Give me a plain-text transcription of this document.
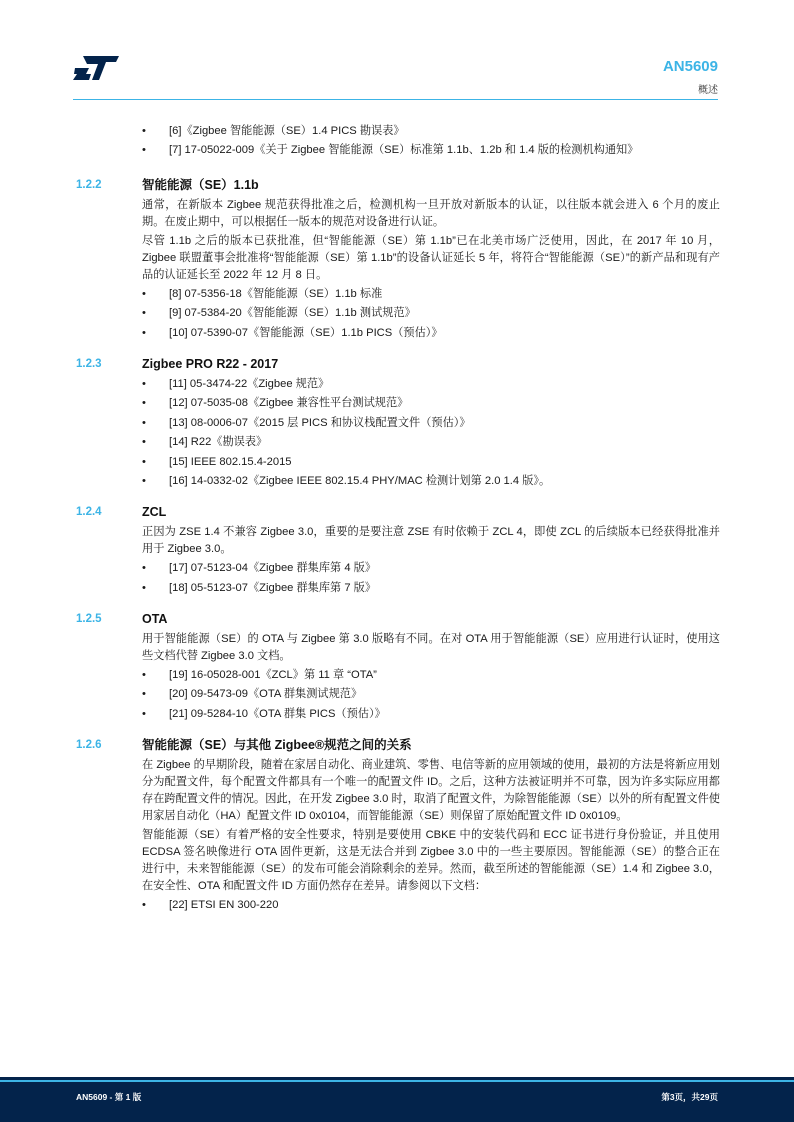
AN5609
概述
• [6]《Zigbee 智能能源（SE）1.4 PICS 勘误表》
• [7] 17-05022-009《关于 Zigbee 智能能源（SE）标准第 1.1b、1.2b 和 1.4 版的检测机构通知》
1.2.2	智能能源（SE）1.1b

通常，在新版本 Zigbee 规范获得批准之后，检测机构一旦开放对新版本的认证，以往版本就会进入 6 个月的废止期。在废止期中，可以根据任一版本的规范对设备进行认证。

尽管 1.1b 之后的版本已获批准，但“智能能源（SE）第 1.1b”已在北美市场广泛使用，因此，在 2017 年 10 月，Zigbee 联盟董事会批准将“智能能源（SE）第 1.1b”的设备认证延长 5 年，将符合“智能能源（SE）”的新产品和现有产品的认证延长至 2022 年 12 月 8 日。

• [8] 07-5356-18《智能能源（SE）1.1b 标准
• [9] 07-5384-20《智能能源（SE）1.1b 测试规范》
• [10] 07-5390-07《智能能源（SE）1.1b PICS（预估）》
1.2.3	Zigbee PRO R22 - 2017
• [11] 05-3474-22《Zigbee 规范》
• [12] 07-5035-08《Zigbee 兼容性平台测试规范》
• [13] 08-0006-07《2015 层 PICS 和协议栈配置文件（预估）》
• [14] R22《勘误表》
• [15] IEEE 802.15.4-2015
• [16] 14-0332-02《Zigbee IEEE 802.15.4 PHY/MAC 检测计划第 2.0 1.4 版》。
1.2.4	ZCL

正因为 ZSE 1.4 不兼容 Zigbee 3.0，重要的是要注意 ZSE 有时依赖于 ZCL 4，即使 ZCL 的后续版本已经获得批准并用于 Zigbee 3.0。

• [17] 07-5123-04《Zigbee 群集库第 4 版》
• [18] 05-5123-07《Zigbee 群集库第 7 版》
1.2.5	OTA

用于智能能源（SE）的 OTA 与 Zigbee 第 3.0 版略有不同。在对 OTA 用于智能能源（SE）应用进行认证时，使用这些文档代替 Zigbee 3.0 文档。

• [19] 16-05028-001《ZCL》第 11 章 “OTA”
• [20] 09-5473-09《OTA 群集测试规范》
• [21] 09-5284-10《OTA 群集 PICS（预估）》
1.2.6	智能能源（SE）与其他 Zigbee®规范之间的关系

在 Zigbee 的早期阶段，随着在家居自动化、商业建筑、零售、电信等新的应用领域的使用，最初的方法是将新应用划分为配置文件，每个配置文件都具有一个唯一的配置文件 ID。之后，这种方法被证明并不可靠，因为许多实际应用都存在跨配置文件的情况。因此，在开发 Zigbee 3.0 时，取消了配置文件，为除智能能源（SE）以外的所有配置文件使用家居自动化（HA）配置文件 ID 0x0104，而智能能源（SE）则保留了原始配置文件 ID 0x0109。

智能能源（SE）有着严格的安全性要求，特别是要使用 CBKE 中的安装代码和 ECC 证书进行身份验证，并且使用 ECDSA 签名映像进行 OTA 固件更新，这是无法合并到 Zigbee 3.0 中的一些主要原因。智能能源（SE）的整合正在进行中，未来智能能源（SE）的发布可能会消除剩余的差异。然而，截至所述的智能能源（SE）1.4 和 Zigbee 3.0，在安全性、OTA 和配置文件 ID 方面仍然存在差异。请参阅以下文档：

• [22] ETSI EN 300-220
AN5609 - 第 1 版	第3页，共29页
